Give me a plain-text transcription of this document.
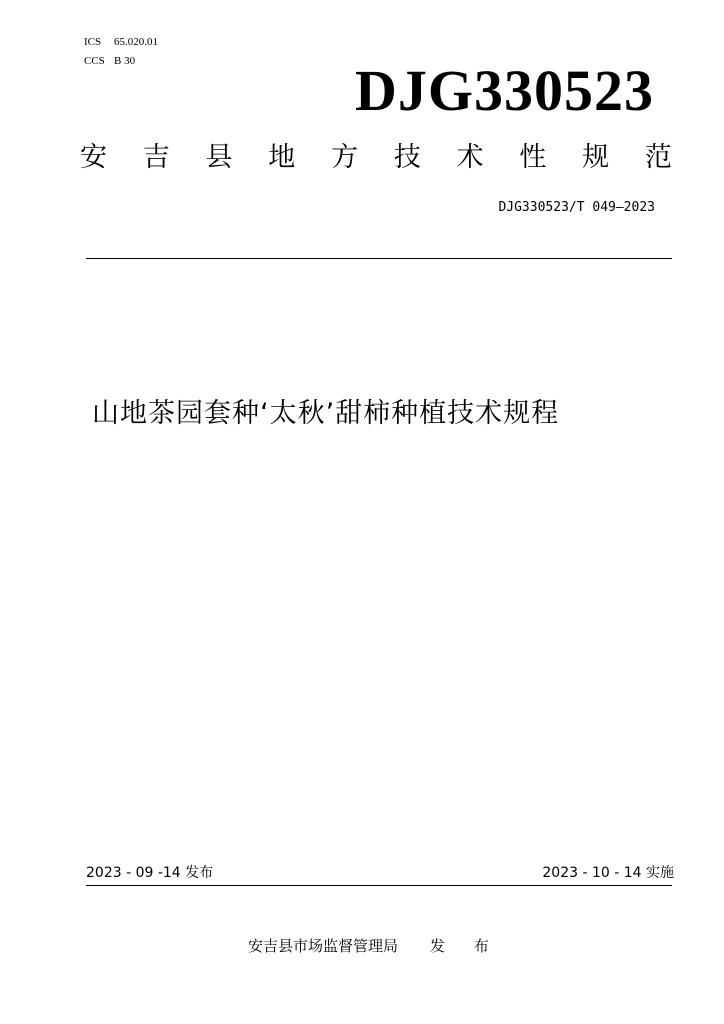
ICS 65.020.01
CCS B 30	DJG330523
安 吉 县 地 方 技 术 性 规 范
DJG330523/T 049—2023
山地茶园套种‘太秋’甜柿种植技术规程
2023 - 09 -14 发布	2023 - 10 - 14 实施
安吉县市场监督管理局 发 布
